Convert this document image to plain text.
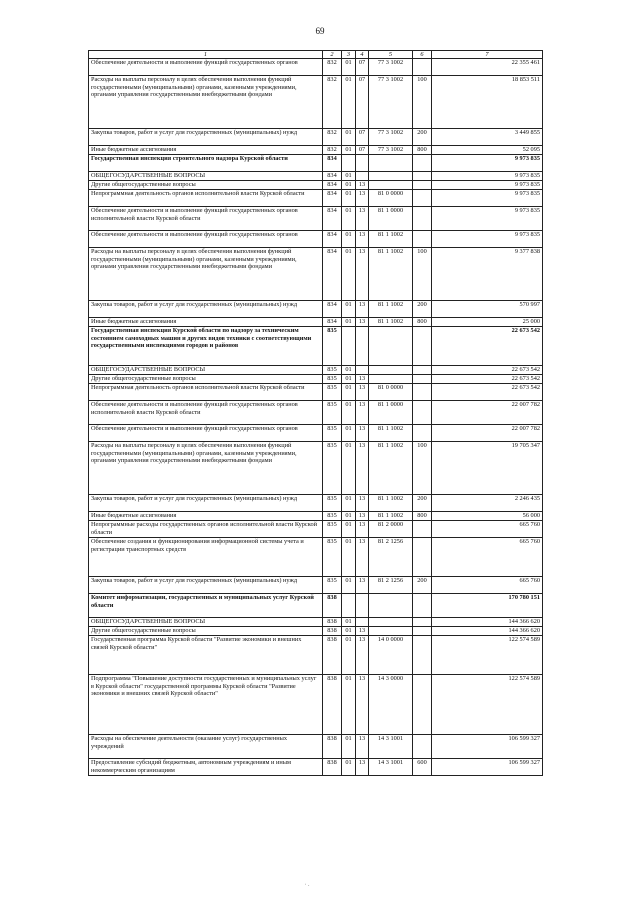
69
1	2	3	4	5	6	7
Обеспечение деятельности и выполнение функций государственных органов	832	01	07	77 3 1002		22 355 461
Расходы на выплаты персоналу в целях обеспечения выполнения функций государственными (муниципальными) органами, казенными учреждениями, органами управления государственными внебюджетными фондами	832	01	07	77 3 1002	100	18 853 511
Закупка товаров, работ и услуг для государственных (муниципальных) нужд	832	01	07	77 3 1002	200	3 449 855
Иные бюджетные ассигнования	832	01	07	77 3 1002	800	52 095
Государственная инспекция строительного надзора Курской области	834					9 973 835
ОБЩЕГОСУДАРСТВЕННЫЕ ВОПРОСЫ	834	01				9 973 835
Другие общегосударственные вопросы	834	01	13			9 973 835
Непрограммная деятельность органов исполнительной власти Курской области	834	01	13	81 0 0000		9 973 835
Обеспечение деятельности и выполнение функций государственных органов исполнительной власти Курской области	834	01	13	81 1 0000		9 973 835
Обеспечение деятельности и выполнение функций государственных органов	834	01	13	81 1 1002		9 973 835
Расходы на выплаты персоналу в целях обеспечения выполнения функций государственными (муниципальными) органами, казенными учреждениями, органами управления государственными внебюджетными фондами	834	01	13	81 1 1002	100	9 377 838
Закупка товаров, работ и услуг для государственных (муниципальных) нужд	834	01	13	81 1 1002	200	570 997
Иные бюджетные ассигнования	834	01	13	81 1 1002	800	25 000
Государственная инспекция Курской области по надзору за техническим состоянием самоходных машин и других видов техники с соответствующими государственными инспекциями городов и районов	835					22 673 542
ОБЩЕГОСУДАРСТВЕННЫЕ ВОПРОСЫ	835	01				22 673 542
Другие общегосударственные вопросы	835	01	13			22 673 542
Непрограммная деятельность органов исполнительной власти Курской области	835	01	13	81 0 0000		22 673 542
Обеспечение деятельности и выполнение функций государственных органов исполнительной власти Курской области	835	01	13	81 1 0000		22 007 782
Обеспечение деятельности и выполнение функций государственных органов	835	01	13	81 1 1002		22 007 782
Расходы на выплаты персоналу в целях обеспечения выполнения функций государственными (муниципальными) органами, казенными учреждениями, органами управления государственными внебюджетными фондами	835	01	13	81 1 1002	100	19 705 347
Закупка товаров, работ и услуг для государственных (муниципальных) нужд	835	01	13	81 1 1002	200	2 246 435
Иные бюджетные ассигнования	835	01	13	81 1 1002	800	56 000
Непрограммные расходы государственных органов исполнительной власти Курской области	835	01	13	81 2 0000		665 760
Обеспечение создания и функционирования информационной системы учета и регистрации транспортных средств	835	01	13	81 2 1256		665 760
Закупка товаров, работ и услуг для государственных (муниципальных) нужд	835	01	13	81 2 1256	200	665 760
Комитет информатизации, государственных и муниципальных услуг Курской области	838					170 780 151
ОБЩЕГОСУДАРСТВЕННЫЕ ВОПРОСЫ	838	01				144 366 620
Другие общегосударственные вопросы	838	01	13			144 366 620
Государственная программа Курской области "Развитие экономики и внешних связей Курской области"	838	01	13	14 0 0000		122 574 589
Подпрограмма "Повышение доступности государственных и муниципальных услуг в Курской области" государственной программы Курской области "Развитие экономики и внешних связей Курской области"	838	01	13	14 3 0000		122 574 589
Расходы на обеспечение деятельности (оказание услуг) государственных учреждений	838	01	13	14 3 1001		106 599 327
Предоставление субсидий бюджетным, автономным учреждениям и иным некоммерческим организациям	838	01	13	14 3 1001	600	106 599 327
· .
